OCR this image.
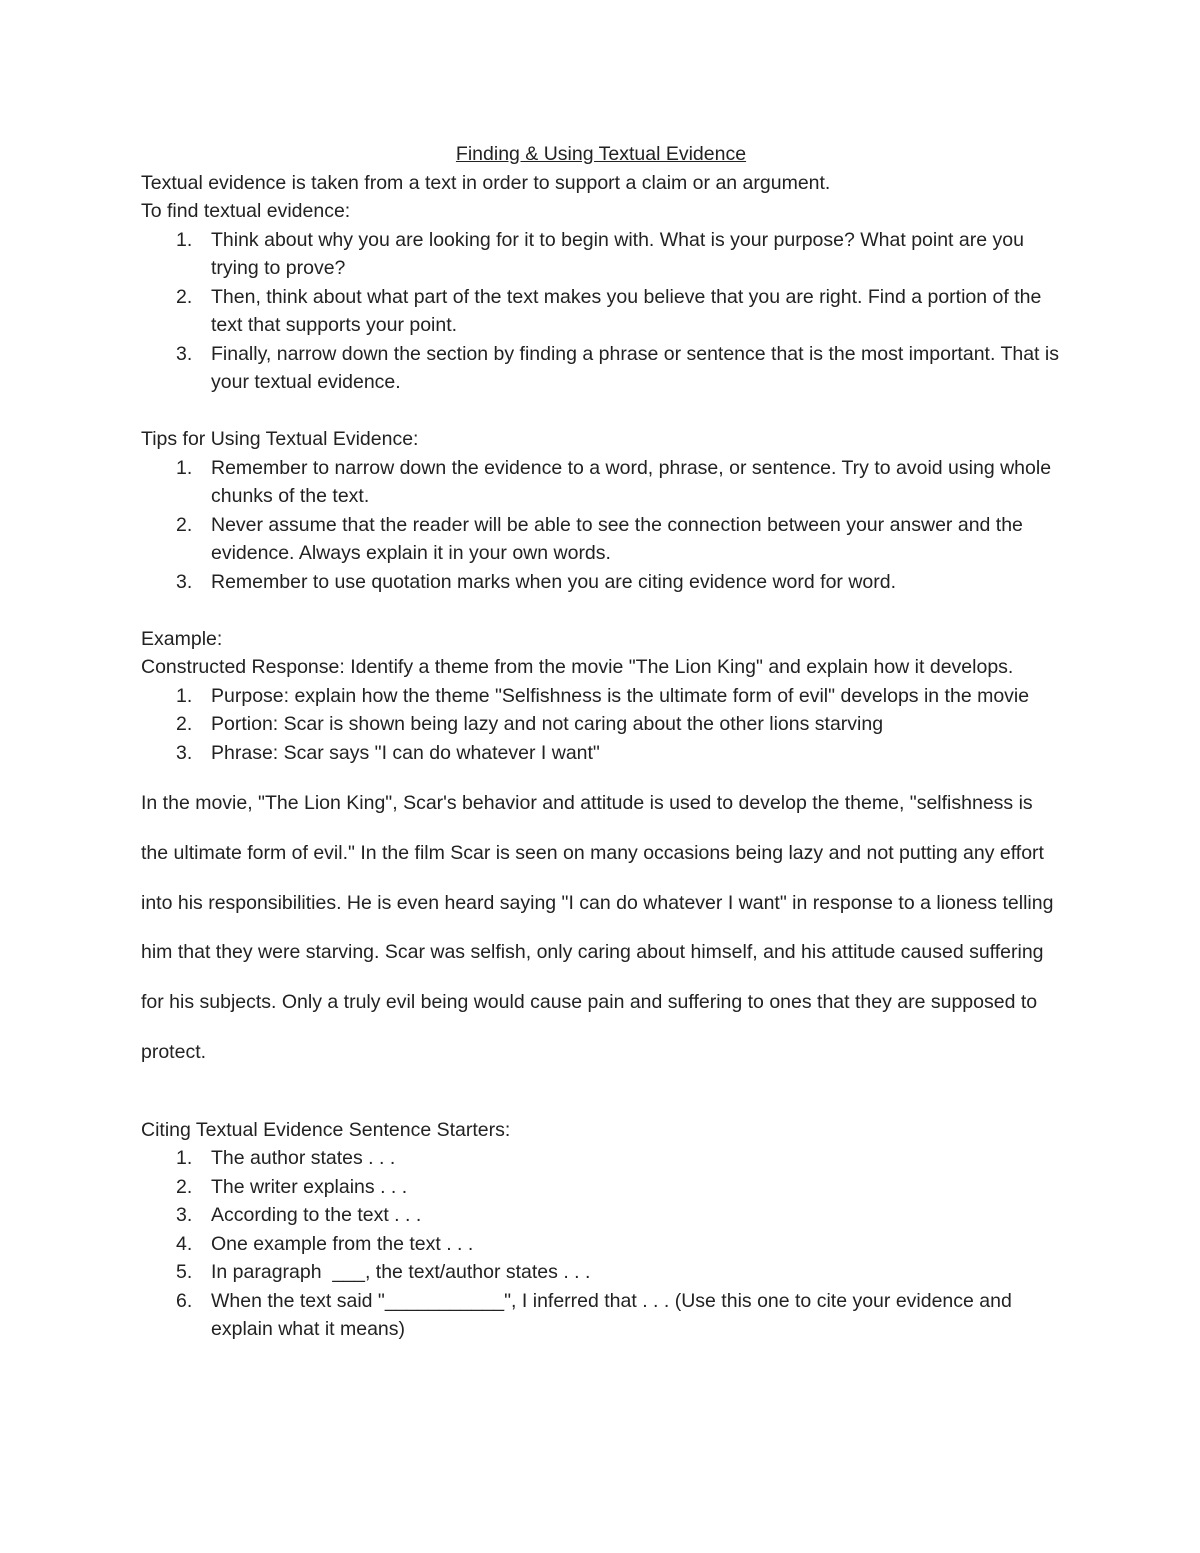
Finding & Using Textual Evidence

Textual evidence is taken from a text in order to support a claim or an argument.

To find textual evidence:

1. Think about why you are looking for it to begin with. What is your purpose? What point are you trying to prove?
2. Then, think about what part of the text makes you believe that you are right. Find a portion of the text that supports your point.
3. Finally, narrow down the section by finding a phrase or sentence that is the most important. That is your textual evidence.

Tips for Using Textual Evidence:

1. Remember to narrow down the evidence to a word, phrase, or sentence. Try to avoid using whole chunks of the text.
2. Never assume that the reader will be able to see the connection between your answer and the evidence. Always explain it in your own words.
3. Remember to use quotation marks when you are citing evidence word for word.

Example:

Constructed Response: Identify a theme from the movie "The Lion King" and explain how it develops.

1. Purpose: explain how the theme "Selfishness is the ultimate form of evil" develops in the movie
2. Portion: Scar is shown being lazy and not caring about the other lions starving
3. Phrase: Scar says "I can do whatever I want"

In the movie, "The Lion King", Scar's behavior and attitude is used to develop the theme, "selfishness is the ultimate form of evil." In the film Scar is seen on many occasions being lazy and not putting any effort into his responsibilities. He is even heard saying "I can do whatever I want" in response to a lioness telling him that they were starving. Scar was selfish, only caring about himself, and his attitude caused suffering for his subjects. Only a truly evil being would cause pain and suffering to ones that they are supposed to protect.

Citing Textual Evidence Sentence Starters:

1. The author states . . .
2. The writer explains . . .
3. According to the text . . .
4. One example from the text . . .
5. In paragraph  ___, the text/author states . . .
6. When the text said "___________", I inferred that . . . (Use this one to cite your evidence and explain what it means)
